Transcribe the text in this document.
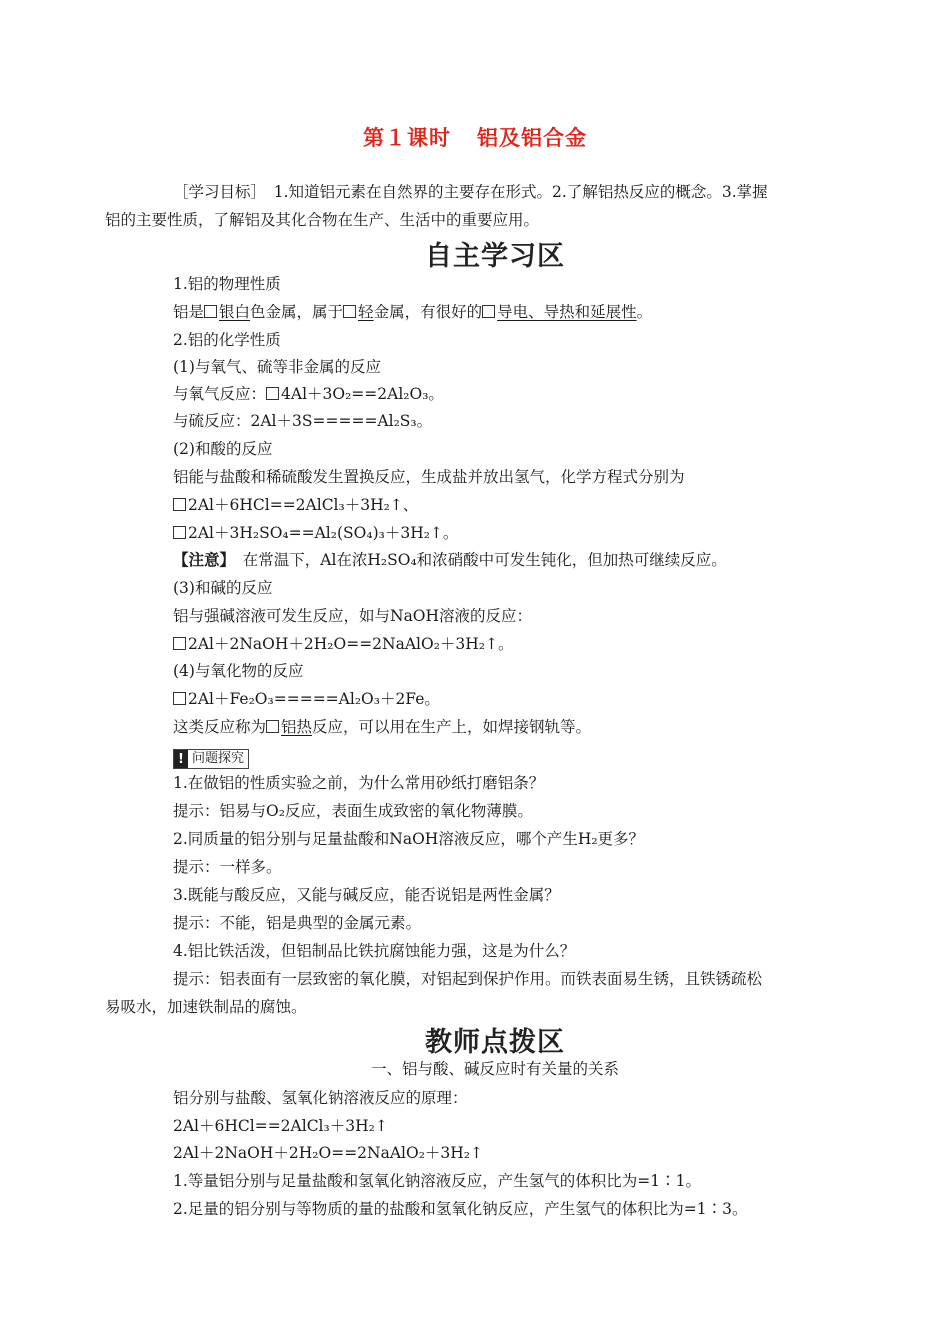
第１课时 铝及铝合金
［学习目标］　1.知道铝元素在自然界的主要存在形式。2.了解铝热反应的概念。3.掌握
铝的主要性质，了解铝及其化合物在生产、生活中的重要应用。
自主学习区
1.铝的物理性质
铝是 银白色金属，属于 轻金属，有很好的 导电、导热和延展性。
2.铝的化学性质
(1)与氧气、硫等非金属的反应
与氧气反应： 4Al＋3O₂==2Al₂O₃。
与硫反应：2Al＋3S=====Al₂S₃。
(2)和酸的反应
铝能与盐酸和稀硫酸发生置换反应，生成盐并放出氢气，化学方程式分别为
2Al＋6HCl==2AlCl₃＋3H₂↑、
2Al＋3H₂SO₄==Al₂(SO₄)₃＋3H₂↑。
【注意】　在常温下，Al在浓H₂SO₄和浓硝酸中可发生钝化，但加热可继续反应。
(3)和碱的反应
铝与强碱溶液可发生反应，如与NaOH溶液的反应：
2Al＋2NaOH＋2H₂O==2NaAlO₂＋3H₂↑。
(4)与氧化物的反应
2Al＋Fe₂O₃=====Al₂O₃＋2Fe。
这类反应称为 铝热反应，可以用在生产上，如焊接钢轨等。
! 问题探究
1.在做铝的性质实验之前，为什么常用砂纸打磨铝条？
提示：铝易与O₂反应，表面生成致密的氧化物薄膜。
2.同质量的铝分别与足量盐酸和NaOH溶液反应，哪个产生H₂更多？
提示：一样多。
3.既能与酸反应，又能与碱反应，能否说铝是两性金属？
提示：不能，铝是典型的金属元素。
4.铝比铁活泼，但铝制品比铁抗腐蚀能力强，这是为什么？
提示：铝表面有一层致密的氧化膜，对铝起到保护作用。而铁表面易生锈，且铁锈疏松
易吸水，加速铁制品的腐蚀。
教师点拨区
一、铝与酸、碱反应时有关量的关系
铝分别与盐酸、氢氧化钠溶液反应的原理：
2Al＋6HCl==2AlCl₃＋3H₂↑
2Al＋2NaOH＋2H₂O==2NaAlO₂＋3H₂↑
1.等量铝分别与足量盐酸和氢氧化钠溶液反应，产生氢气的体积比为=1∶1。
2.足量的铝分别与等物质的量的盐酸和氢氧化钠反应，产生氢气的体积比为=1∶3。
